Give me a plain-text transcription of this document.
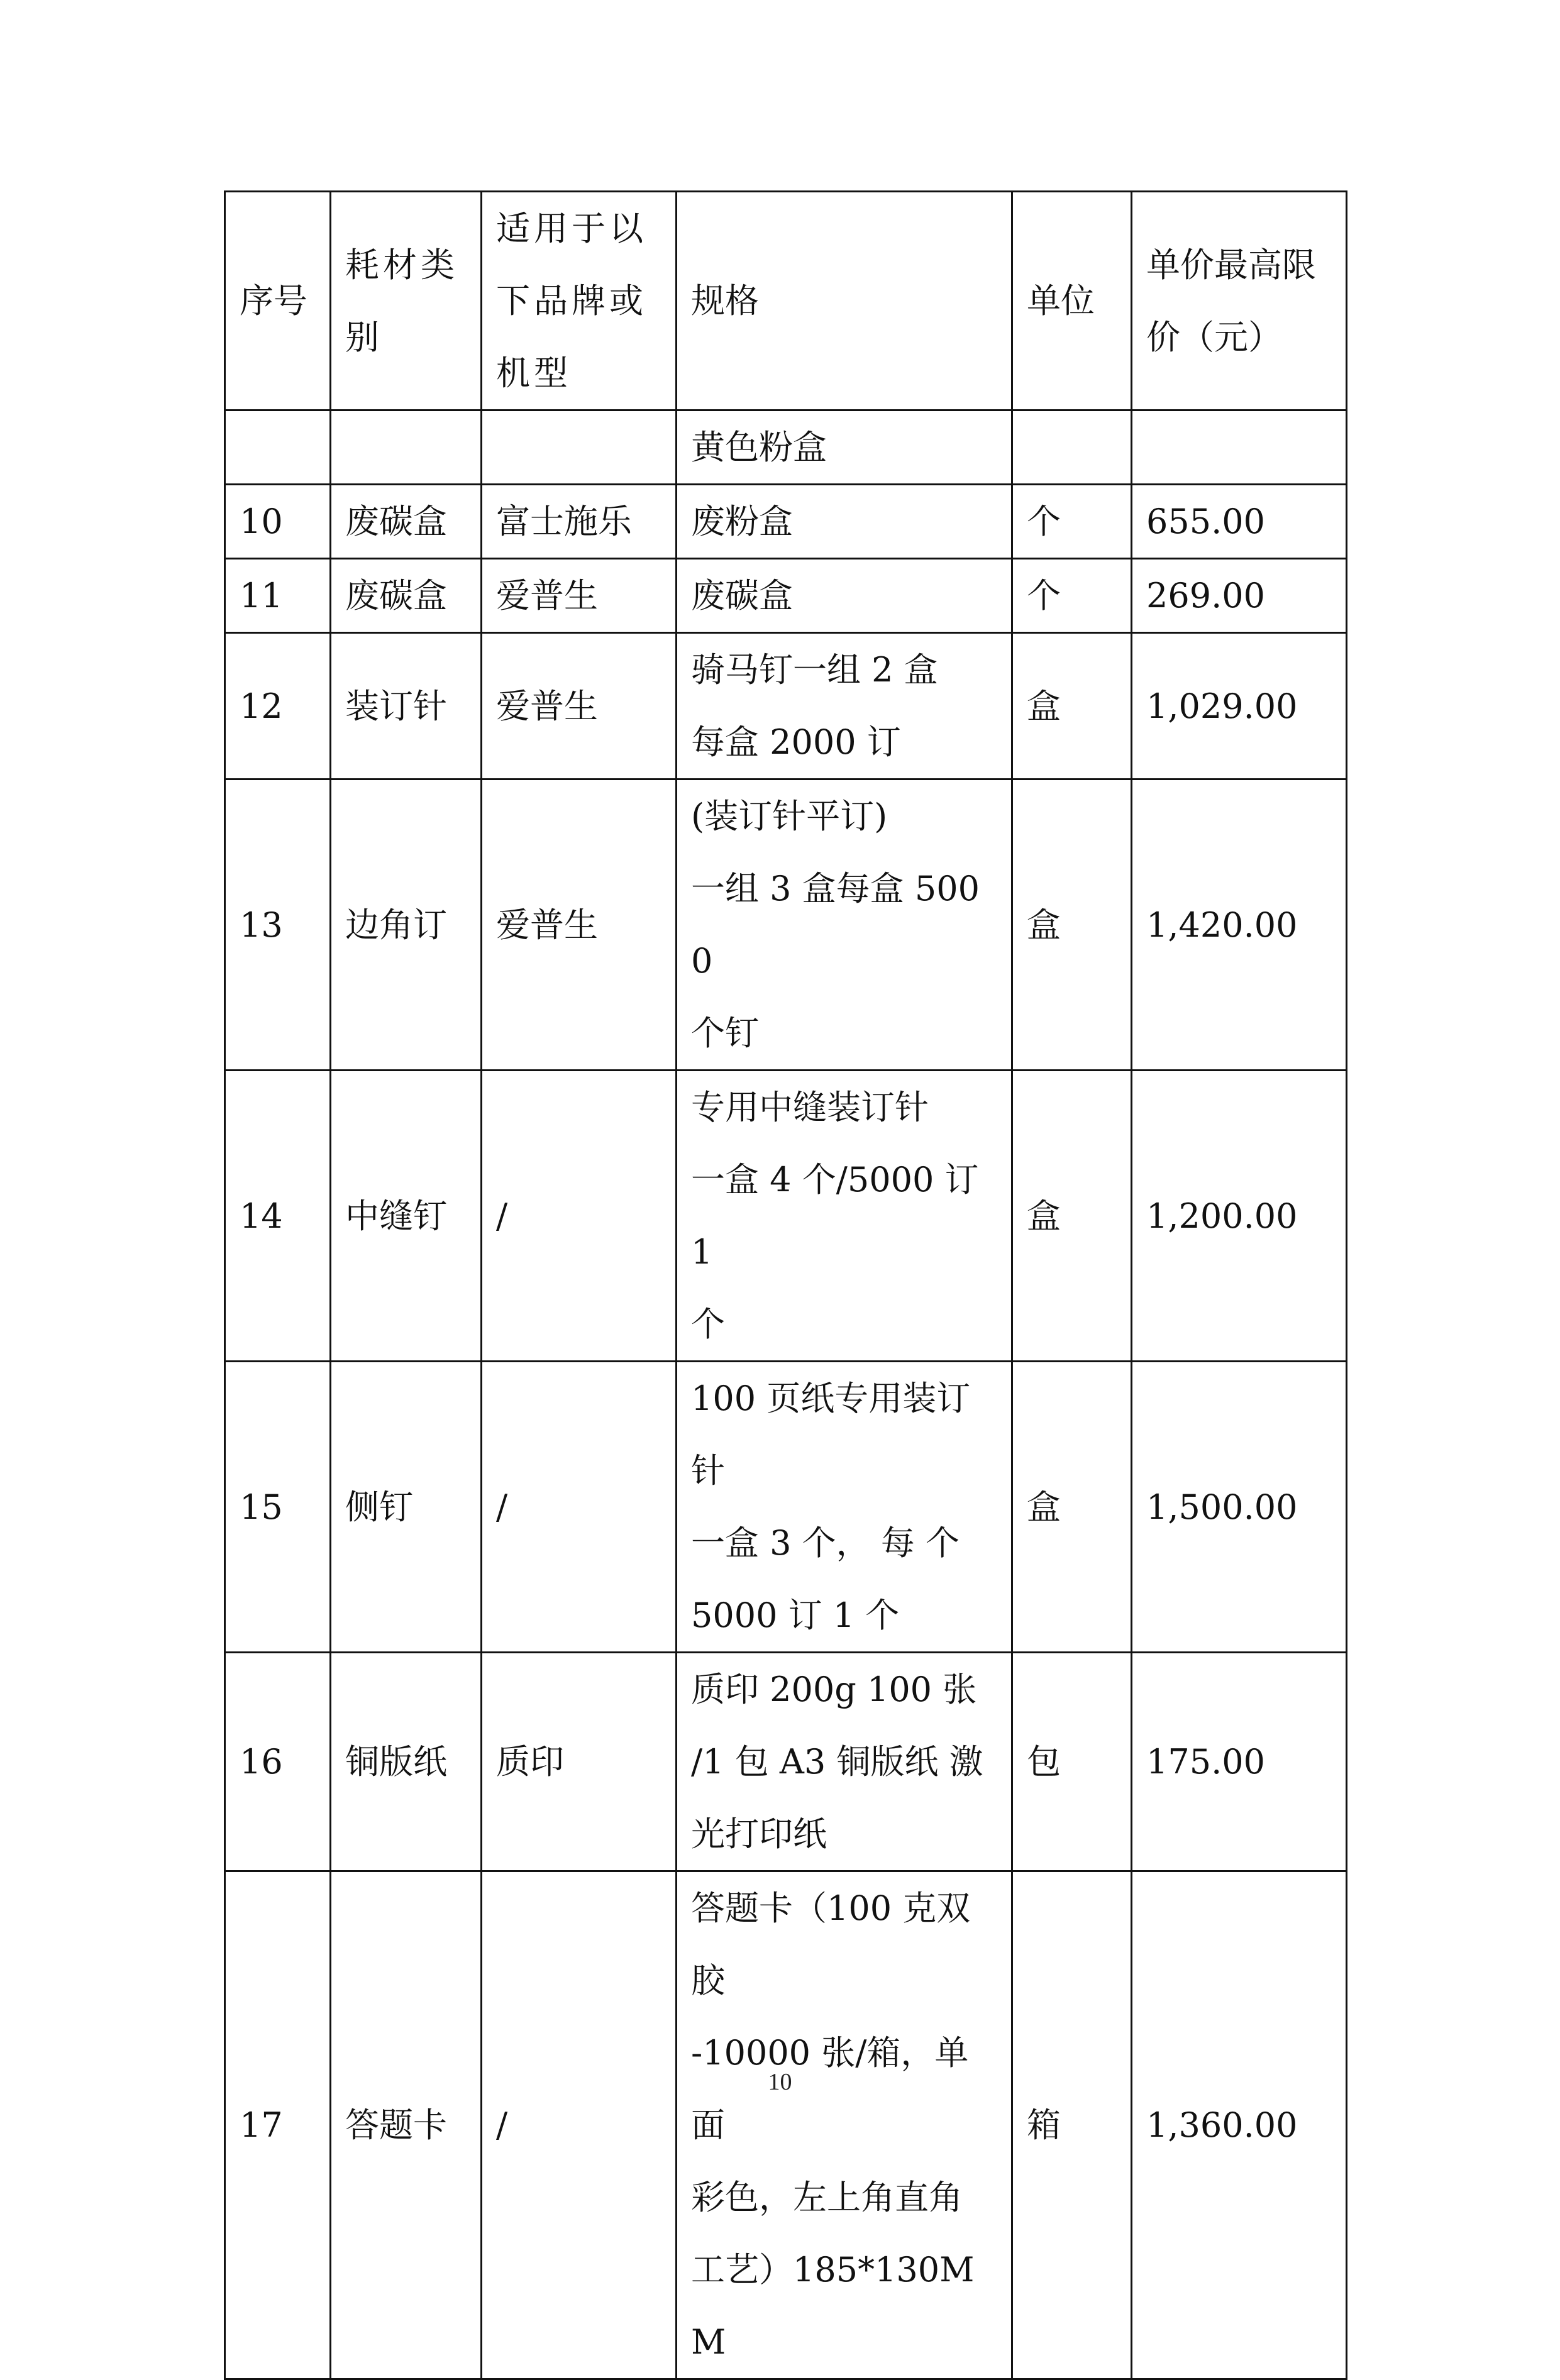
序号	耗材类别	适用于以下品牌或机型	规格	单位	单价最高限价（元）
			黄色粉盒		
10	废碳盒	富士施乐	废粉盒	个	655.00
11	废碳盒	爱普生	废碳盒	个	269.00
12	装订针	爱普生	骑马钉一组 2 盒
每盒 2000 订	盒	1,029.00
13	边角订	爱普生	(装订针平订)
一组 3 盒每盒 5000
个钉	盒	1,420.00
14	中缝钉	/	专用中缝装订针
一盒 4 个/5000 订 1
个	盒	1,200.00
15	侧钉	/	100 页纸专用装订
针
一盒 3 个， 每 个
5000 订 1 个	盒	1,500.00
16	铜版纸	质印	质印 200g 100 张
/1 包 A3 铜版纸 激
光打印纸	包	175.00
17	答题卡	/	答题卡（100 克双胶
-10000 张/箱，单面
彩色，左上角直角
工艺）185*130MM	箱	1,360.00
10
